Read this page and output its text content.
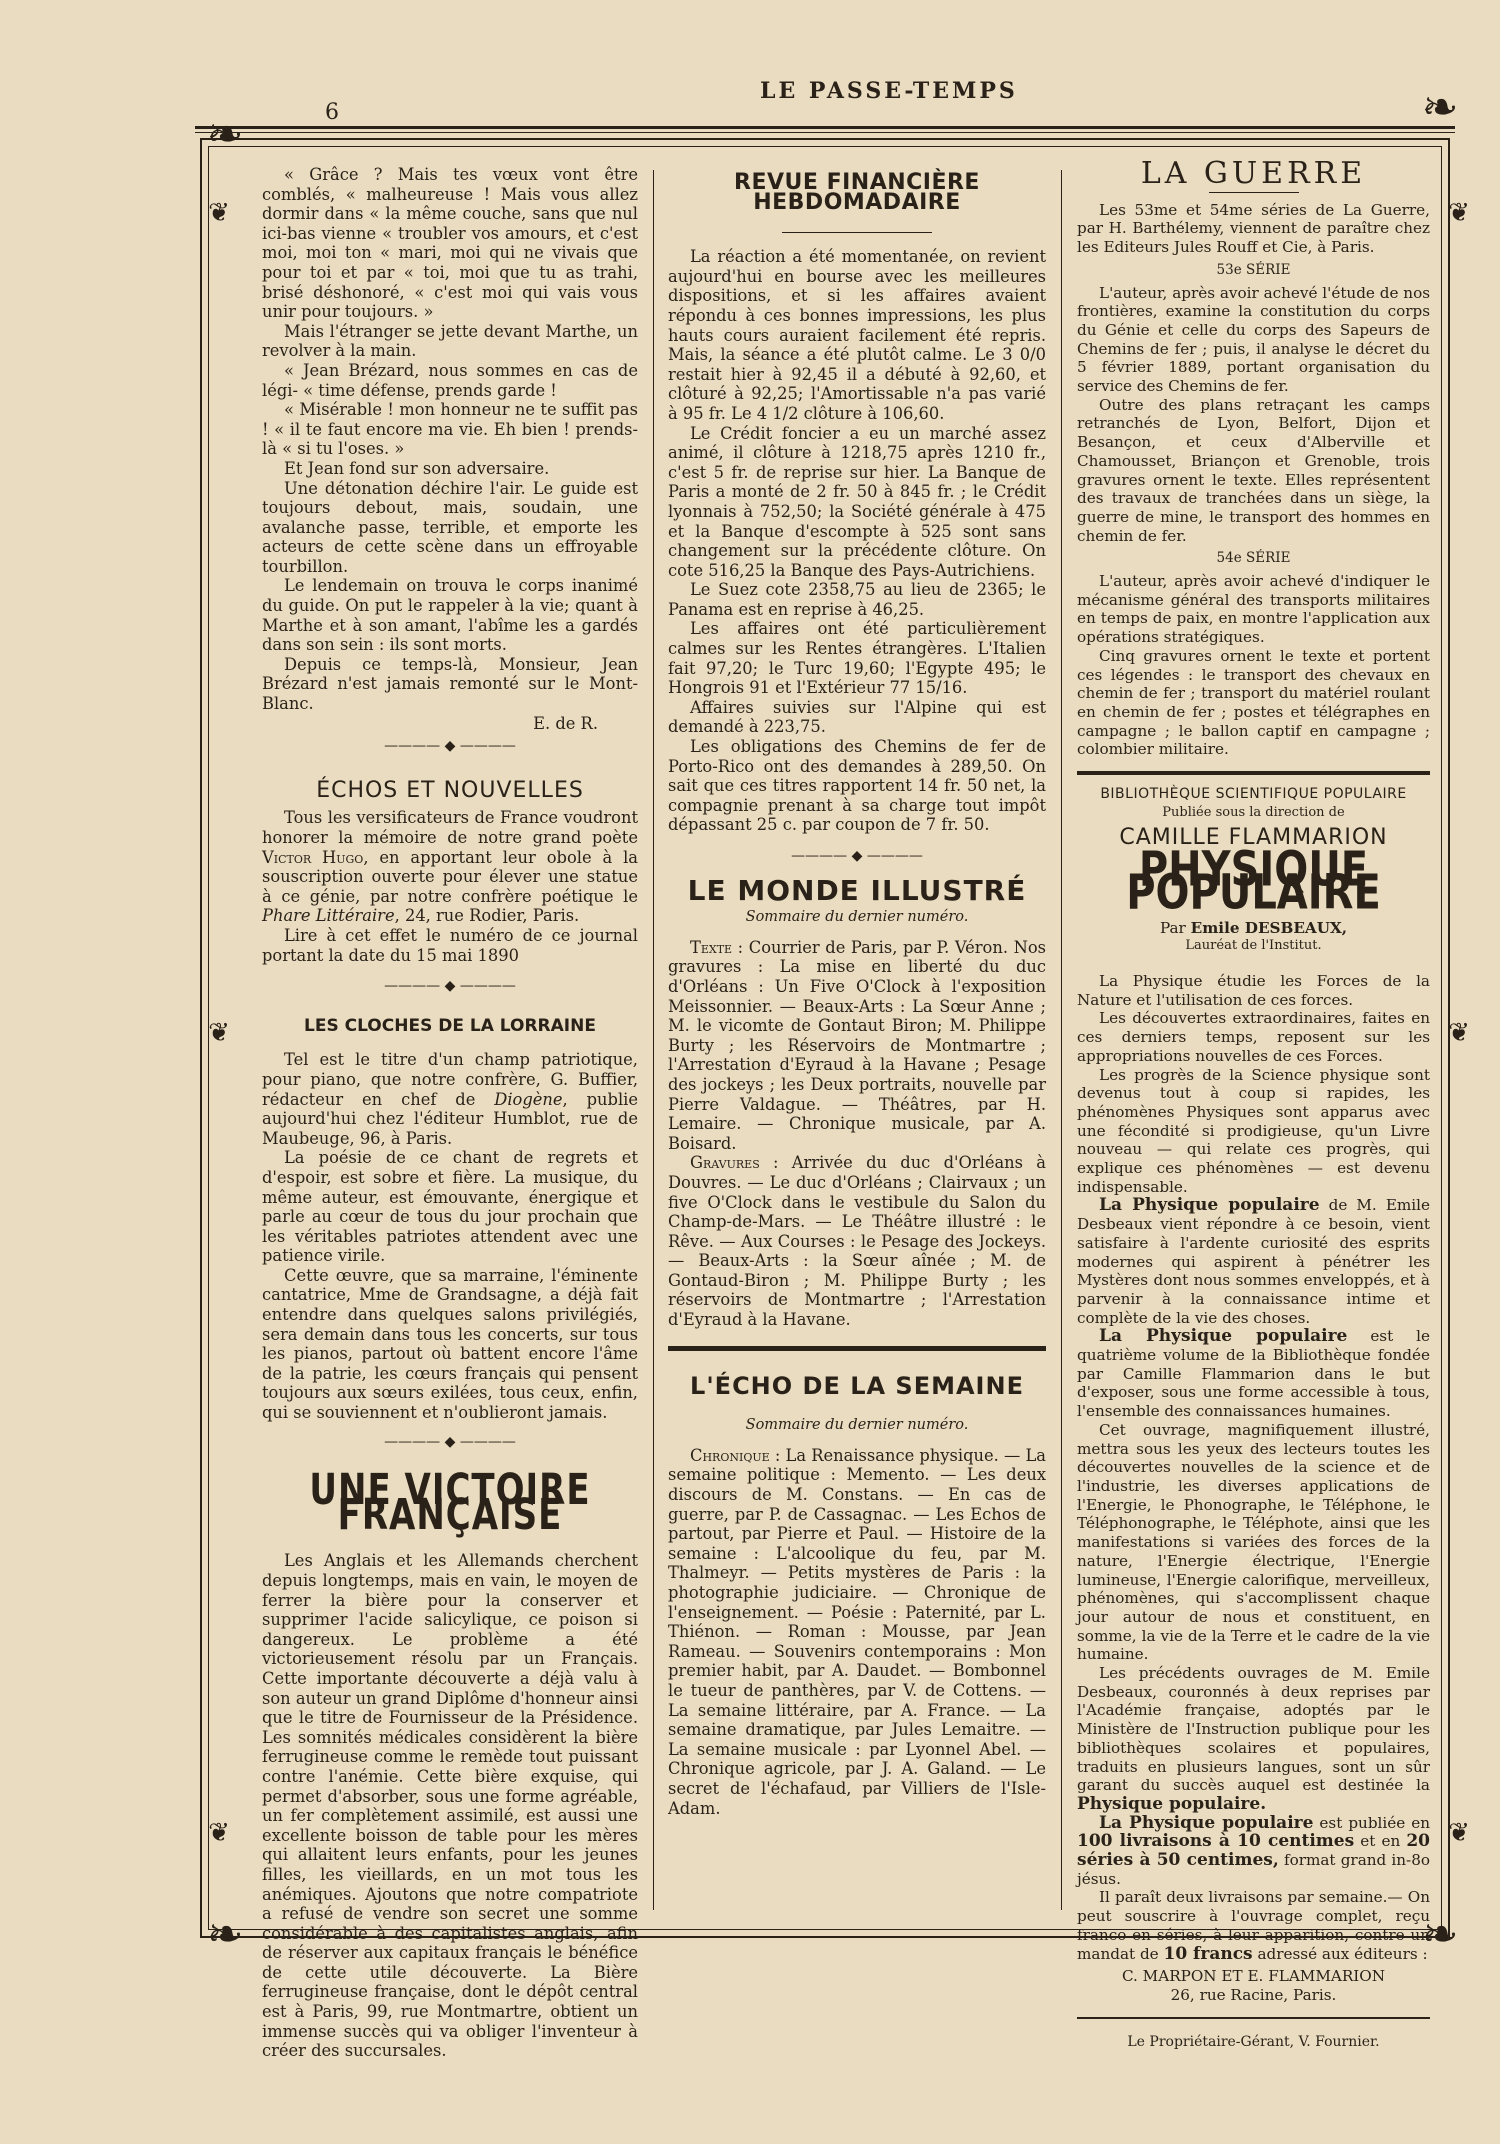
6
LE PASSE-TEMPS
❧
❧
❧	❧
❦
❦
❦
❦
❦
❦

« Grâce ? Mais tes vœux vont être comblés, « malheureuse ! Mais vous allez dormir dans « la même couche, sans que nul ici-bas vienne « troubler vos amours, et c'est moi, moi ton « mari, moi qui ne vivais que pour toi et par « toi, moi que tu as trahi, brisé déshonoré, « c'est moi qui vais vous unir pour toujours. »

Mais l'étranger se jette devant Marthe, un revolver à la main.

« Jean Brézard, nous sommes en cas de légi- « time défense, prends garde !

« Misérable ! mon honneur ne te suffit pas ! « il te faut encore ma vie. Eh bien ! prends-là « si tu l'oses. »

Et Jean fond sur son adversaire.

Une détonation déchire l'air. Le guide est toujours debout, mais, soudain, une avalanche passe, terrible, et emporte les acteurs de cette scène dans un effroyable tourbillon.

Le lendemain on trouva le corps inanimé du guide. On put le rappeler à la vie; quant à Marthe et à son amant, l'abîme les a gardés dans son sein : ils sont morts.

Depuis ce temps-là, Monsieur, Jean Brézard n'est jamais remonté sur le Mont-Blanc.

E. de R.

———— ◆ ————
ÉCHOS ET NOUVELLES

Tous les versificateurs de France voudront honorer la mémoire de notre grand poète Victor Hugo, en apportant leur obole à la souscription ouverte pour élever une statue à ce génie, par notre confrère poétique le Phare Littéraire, 24, rue Rodier, Paris.

Lire à cet effet le numéro de ce journal portant la date du 15 mai 1890

———— ◆ ————
LES CLOCHES DE LA LORRAINE

Tel est le titre d'un champ patriotique, pour piano, que notre confrère, G. Buffier, rédacteur en chef de Diogène, publie aujourd'hui chez l'éditeur Humblot, rue de Maubeuge, 96, à Paris.

La poésie de ce chant de regrets et d'espoir, est sobre et fière. La musique, du même auteur, est émouvante, énergique et parle au cœur de tous du jour prochain que les véritables patriotes attendent avec une patience virile.

Cette œuvre, que sa marraine, l'éminente cantatrice, Mme de Grandsagne, a déjà fait entendre dans quelques salons privilégiés, sera demain dans tous les concerts, sur tous les pianos, partout où battent encore l'âme de la patrie, les cœurs français qui pensent toujours aux sœurs exilées, tous ceux, enfin, qui se souviennent et n'oublieront jamais.

———— ◆ ————
UNE VICTOIRE FRANÇAISE

Les Anglais et les Allemands cherchent depuis longtemps, mais en vain, le moyen de ferrer la bière pour la conserver et supprimer l'acide salicylique, ce poison si dangereux. Le problème a été victorieusement résolu par un Français. Cette importante découverte a déjà valu à son auteur un grand Diplôme d'honneur ainsi que le titre de Fournisseur de la Présidence. Les somnités médicales considèrent la bière ferrugineuse comme le remède tout puissant contre l'anémie. Cette bière exquise, qui permet d'absorber, sous une forme agréable, un fer complètement assimilé, est aussi une excellente boisson de table pour les mères qui allaitent leurs enfants, pour les jeunes filles, les vieillards, en un mot tous les anémiques. Ajoutons que notre compatriote a refusé de vendre son secret une somme considérable à des capitalistes anglais, afin de réserver aux capitaux français le bénéfice de cette utile découverte. La Bière ferrugineuse française, dont le dépôt central est à Paris, 99, rue Montmartre, obtient un immense succès qui va obliger l'inventeur à créer des succursales.

REVUE FINANCIÈRE HEBDOMADAIRE

La réaction a été momentanée, on revient aujourd'hui en bourse avec les meilleures dispositions, et si les affaires avaient répondu à ces bonnes impressions, les plus hauts cours auraient facilement été repris. Mais, la séance a été plutôt calme. Le 3 0/0 restait hier à 92,45 il a débuté à 92,60, et clôturé à 92,25; l'Amortissable n'a pas varié à 95 fr. Le 4 1/2 clôture à 106,60.

Le Crédit foncier a eu un marché assez animé, il clôture à 1218,75 après 1210 fr., c'est 5 fr. de reprise sur hier. La Banque de Paris a monté de 2 fr. 50 à 845 fr. ; le Crédit lyonnais à 752,50; la Société générale à 475 et la Banque d'escompte à 525 sont sans changement sur la précédente clôture. On cote 516,25 la Banque des Pays-Autrichiens.

Le Suez cote 2358,75 au lieu de 2365; le Panama est en reprise à 46,25.

Les affaires ont été particulièrement calmes sur les Rentes étrangères. L'Italien fait 97,20; le Turc 19,60; l'Egypte 495; le Hongrois 91 et l'Extérieur 77 15/16.

Affaires suivies sur l'Alpine qui est demandé à 223,75.

Les obligations des Chemins de fer de Porto-Rico ont des demandes à 289,50. On sait que ces titres rapportent 14 fr. 50 net, la compagnie prenant à sa charge tout impôt dépassant 25 c. par coupon de 7 fr. 50.

———— ◆ ————
LE MONDE ILLUSTRÉ
Sommaire du dernier numéro.

Texte : Courrier de Paris, par P. Véron. Nos gravures : La mise en liberté du duc d'Orléans : Un Five O'Clock à l'exposition Meissonnier. — Beaux-Arts : La Sœur Anne ; M. le vicomte de Gontaut Biron; M. Philippe Burty ; les Réservoirs de Montmartre ; l'Arrestation d'Eyraud à la Havane ; Pesage des jockeys ; les Deux portraits, nouvelle par Pierre Valdague. — Théâtres, par H. Lemaire. — Chronique musicale, par A. Boisard.

Gravures : Arrivée du duc d'Orléans à Douvres. — Le duc d'Orléans ; Clairvaux ; un five O'Clock dans le vestibule du Salon du Champ-de-Mars. — Le Théâtre illustré : le Rêve. — Aux Courses : le Pesage des Jockeys. — Beaux-Arts : la Sœur aînée ; M. de Gontaud-Biron ; M. Philippe Burty ; les réservoirs de Montmartre ; l'Arrestation d'Eyraud à la Havane.

L'ÉCHO DE LA SEMAINE
Sommaire du dernier numéro.

Chronique : La Renaissance physique. — La semaine politique : Memento. — Les deux discours de M. Constans. — En cas de guerre, par P. de Cassagnac. — Les Echos de partout, par Pierre et Paul. — Histoire de la semaine : L'alcoolique du feu, par M. Thalmeyr. — Petits mystères de Paris : la photographie judiciaire. — Chronique de l'enseignement. — Poésie : Paternité, par L. Thiénon. — Roman : Mousse, par Jean Rameau. — Souvenirs contemporains : Mon premier habit, par A. Daudet. — Bombonnel le tueur de panthères, par V. de Cottens. — La semaine littéraire, par A. France. — La semaine dramatique, par Jules Lemaitre. — La semaine musicale : par Lyonnel Abel. — Chronique agricole, par J. A. Galand. — Le secret de l'échafaud, par Villiers de l'Isle-Adam.

LA GUERRE

Les 53me et 54me séries de La Guerre, par H. Barthélemy, viennent de paraître chez les Editeurs Jules Rouff et Cie, à Paris.

53e SÉRIE

L'auteur, après avoir achevé l'étude de nos frontières, examine la constitution du corps du Génie et celle du corps des Sapeurs de Chemins de fer ; puis, il analyse le décret du 5 février 1889, portant organisation du service des Chemins de fer.

Outre des plans retraçant les camps retranchés de Lyon, Belfort, Dijon et Besançon, et ceux d'Alberville et Chamousset, Briançon et Grenoble, trois gravures ornent le texte. Elles représentent des travaux de tranchées dans un siège, la guerre de mine, le transport des hommes en chemin de fer.

54e SÉRIE

L'auteur, après avoir achevé d'indiquer le mécanisme général des transports militaires en temps de paix, en montre l'application aux opérations stratégiques.

Cinq gravures ornent le texte et portent ces légendes : le transport des chevaux en chemin de fer ; transport du matériel roulant en chemin de fer ; postes et télégraphes en campagne ; le ballon captif en campagne ; colombier militaire.

BIBLIOTHÈQUE SCIENTIFIQUE POPULAIRE
Publiée sous la direction de
CAMILLE FLAMMARION
PHYSIQUE POPULAIRE
Par Emile DESBEAUX,
Lauréat de l'Institut.

La Physique étudie les Forces de la Nature et l'utilisation de ces forces.

Les découvertes extraordinaires, faites en ces derniers temps, reposent sur les appropriations nouvelles de ces Forces.

Les progrès de la Science physique sont devenus tout à coup si rapides, les phénomènes Physiques sont apparus avec une fécondité si prodigieuse, qu'un Livre nouveau — qui relate ces progrès, qui explique ces phénomènes — est devenu indispensable.

La Physique populaire de M. Emile Desbeaux vient répondre à ce besoin, vient satisfaire à l'ardente curiosité des esprits modernes qui aspirent à pénétrer les Mystères dont nous sommes enveloppés, et à parvenir à la connaissance intime et complète de la vie des choses.

La Physique populaire est le quatrième volume de la Bibliothèque fondée par Camille Flammarion dans le but d'exposer, sous une forme accessible à tous, l'ensemble des connaissances humaines.

Cet ouvrage, magnifiquement illustré, mettra sous les yeux des lecteurs toutes les découvertes nouvelles de la science et de l'industrie, les diverses applications de l'Energie, le Phonographe, le Téléphone, le Téléphonographe, le Téléphote, ainsi que les manifestations si variées des forces de la nature, l'Energie électrique, l'Energie lumineuse, l'Energie calorifique, merveilleux, phénomènes, qui s'accomplissent chaque jour autour de nous et constituent, en somme, la vie de la Terre et le cadre de la vie humaine.

Les précédents ouvrages de M. Emile Desbeaux, couronnés à deux reprises par l'Académie française, adoptés par le Ministère de l'Instruction publique pour les bibliothèques scolaires et populaires, traduits en plusieurs langues, sont un sûr garant du succès auquel est destinée la Physique populaire.

La Physique populaire est publiée en 100 livraisons à 10 centimes et en 20 séries à 50 centimes, format grand in-8o jésus.

Il paraît deux livraisons par semaine.— On peut souscrire à l'ouvrage complet, reçu franco en séries, à leur apparition, contre un mandat de 10 francs adressé aux éditeurs :

C. MARPON ET E. FLAMMARION
26, rue Racine, Paris.
Le Propriétaire-Gérant, V. Fournier.
